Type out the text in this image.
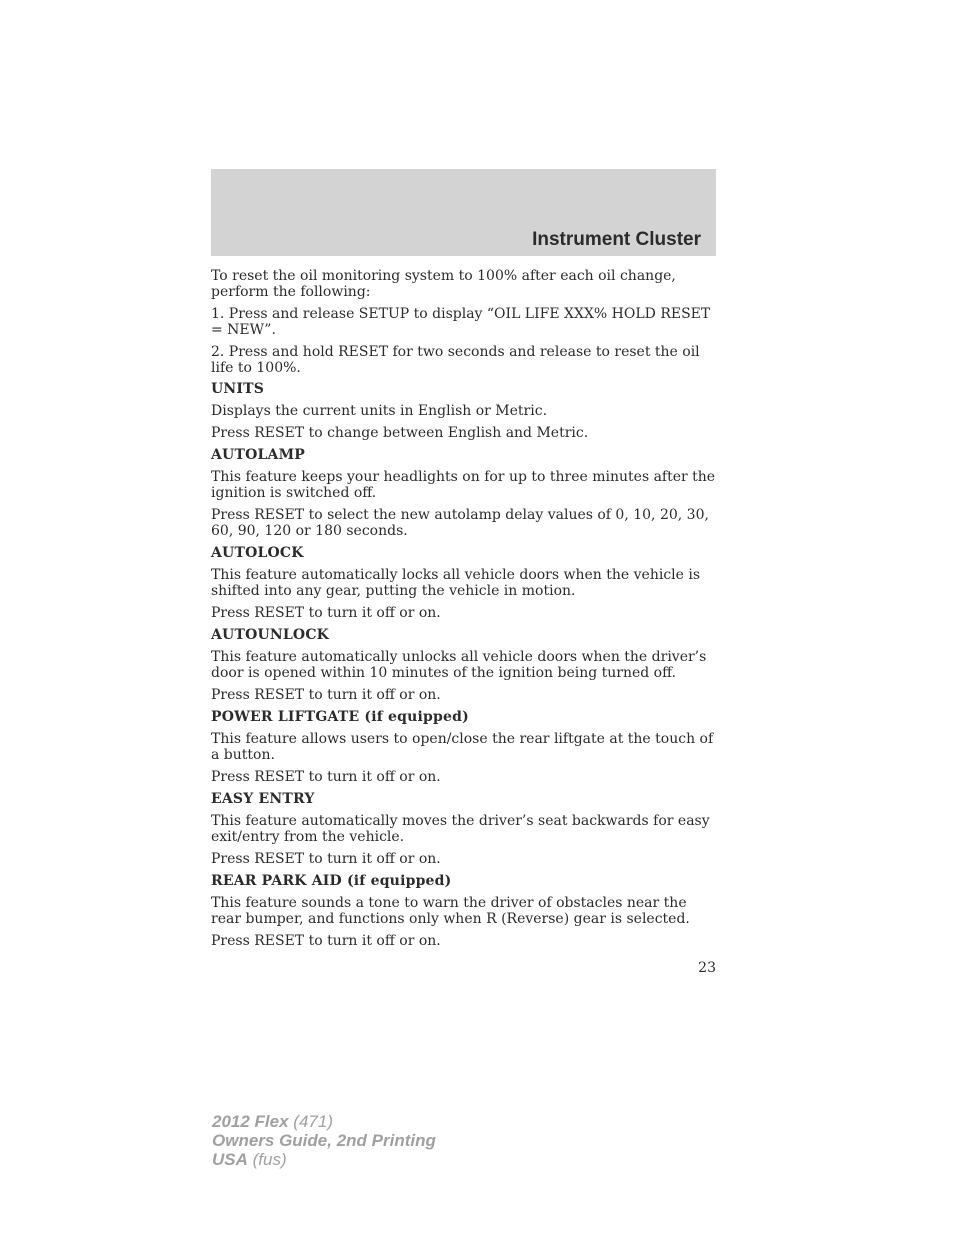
Instrument Cluster

To reset the oil monitoring system to 100% after each oil change, perform the following:

1. Press and release SETUP to display “OIL LIFE XXX% HOLD RESET = NEW”.

2. Press and hold RESET for two seconds and release to reset the oil life to 100%.

UNITS

Displays the current units in English or Metric.

Press RESET to change between English and Metric.

AUTOLAMP

This feature keeps your headlights on for up to three minutes after the ignition is switched off.

Press RESET to select the new autolamp delay values of 0, 10, 20, 30, 60, 90, 120 or 180 seconds.

AUTOLOCK

This feature automatically locks all vehicle doors when the vehicle is shifted into any gear, putting the vehicle in motion.

Press RESET to turn it off or on.

AUTOUNLOCK

This feature automatically unlocks all vehicle doors when the driver’s door is opened within 10 minutes of the ignition being turned off.

Press RESET to turn it off or on.

POWER LIFTGATE (if equipped)

This feature allows users to open/close the rear liftgate at the touch of a button.

Press RESET to turn it off or on.

EASY ENTRY

This feature automatically moves the driver’s seat backwards for easy exit/entry from the vehicle.

Press RESET to turn it off or on.

REAR PARK AID (if equipped)

This feature sounds a tone to warn the driver of obstacles near the rear bumper, and functions only when R (Reverse) gear is selected.

Press RESET to turn it off or on.

23
2012 Flex (471)
Owners Guide, 2nd Printing
USA (fus)
